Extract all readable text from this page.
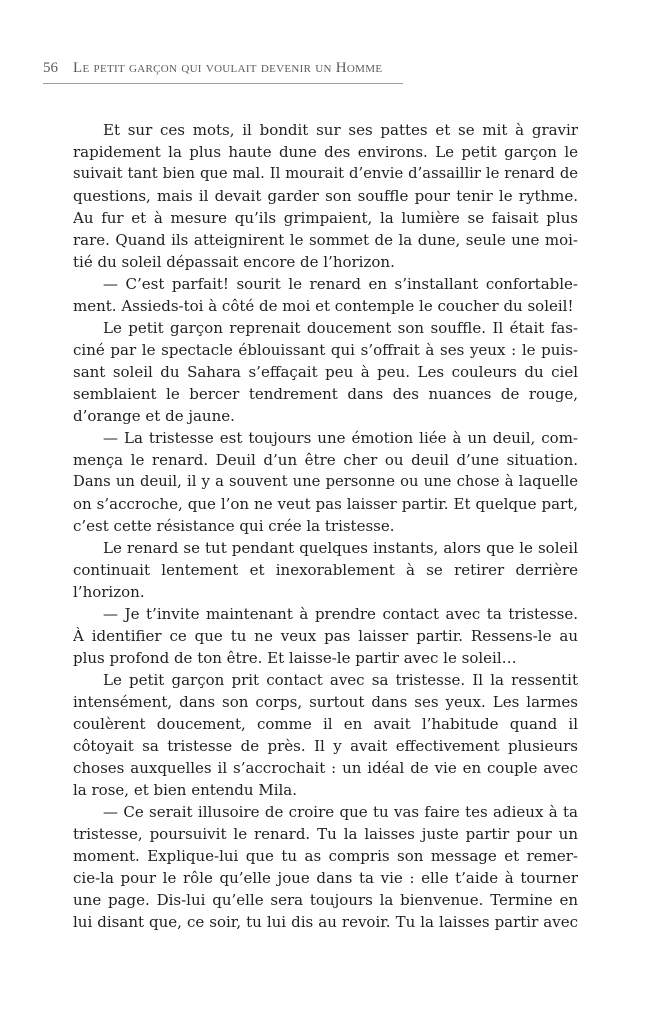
56 Le petit garçon qui voulait devenir un Homme
Et sur ces mots, il bondit sur ses pattes et se mit à gravir
rapidement la plus haute dune des environs. Le petit garçon le
suivait tant bien que mal. Il mourait d’envie d’assaillir le renard de
questions, mais il devait garder son souffle pour tenir le rythme.
Au fur et à mesure qu’ils grimpaient, la lumière se faisait plus
rare. Quand ils atteignirent le sommet de la dune, seule une moi-
tié du soleil dépassait encore de l’horizon.
— C’est parfait! sourit le renard en s’installant confortable-
ment. Assieds-toi à côté de moi et contemple le coucher du soleil!
Le petit garçon reprenait doucement son souffle. Il était fas-
ciné par le spectacle éblouissant qui s’offrait à ses yeux : le puis-
sant soleil du Sahara s’effaçait peu à peu. Les couleurs du ciel
semblaient le bercer tendrement dans des nuances de rouge,
d’orange et de jaune.
— La tristesse est toujours une émotion liée à un deuil, com-
mença le renard. Deuil d’un être cher ou deuil d’une situation.
Dans un deuil, il y a souvent une personne ou une chose à laquelle
on s’accroche, que l’on ne veut pas laisser partir. Et quelque part,
c’est cette résistance qui crée la tristesse.
Le renard se tut pendant quelques instants, alors que le soleil
continuait lentement et inexorablement à se retirer derrière
l’horizon.
— Je t’invite maintenant à prendre contact avec ta tristesse.
À identifier ce que tu ne veux pas laisser partir. Ressens-le au
plus profond de ton être. Et laisse-le partir avec le soleil…
Le petit garçon prit contact avec sa tristesse. Il la ressentit
intensément, dans son corps, surtout dans ses yeux. Les larmes
coulèrent doucement, comme il en avait l’habitude quand il
côtoyait sa tristesse de près. Il y avait effectivement plusieurs
choses auxquelles il s’accrochait : un idéal de vie en couple avec
la rose, et bien entendu Mila.
— Ce serait illusoire de croire que tu vas faire tes adieux à ta
tristesse, poursuivit le renard. Tu la laisses juste partir pour un
moment. Explique-lui que tu as compris son message et remer-
cie-la pour le rôle qu’elle joue dans ta vie : elle t’aide à tourner
une page. Dis-lui qu’elle sera toujours la bienvenue. Termine en
lui disant que, ce soir, tu lui dis au revoir. Tu la laisses partir avec
